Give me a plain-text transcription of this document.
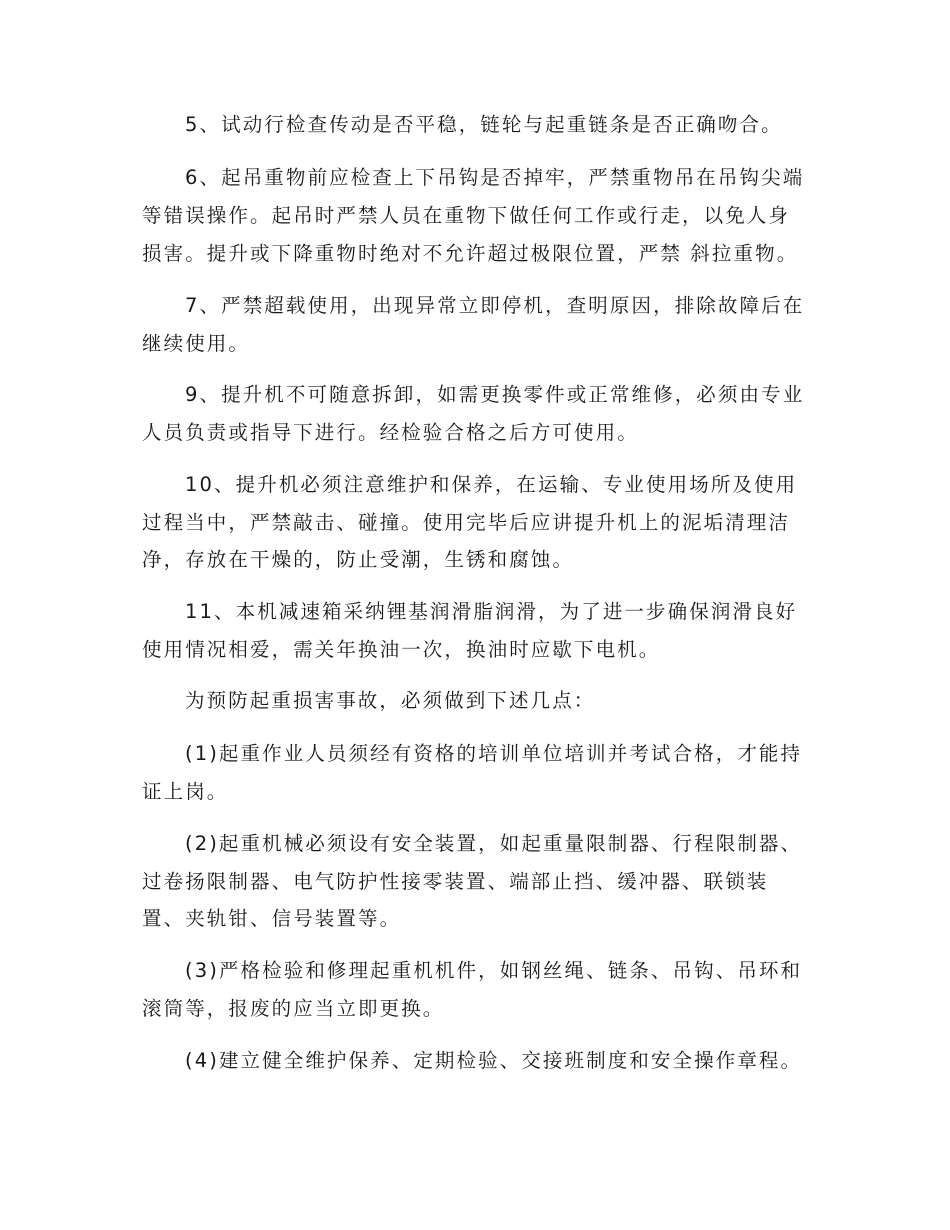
5、试动行检查传动是否平稳，链轮与起重链条是否正确吻合。
6、起吊重物前应检查上下吊钩是否掉牢，严禁重物吊在吊钩尖端
等错误操作。起吊时严禁人员在重物下做任何工作或行走，以免人身
损害。提升或下降重物时绝对不允许超过极限位置，严禁 斜拉重物。
7、严禁超载使用，出现异常立即停机，查明原因，排除故障后在
继续使用。
9、提升机不可随意拆卸，如需更换零件或正常维修，必须由专业
人员负责或指导下进行。经检验合格之后方可使用。
10、提升机必须注意维护和保养，在运输、专业使用场所及使用
过程当中，严禁敲击、碰撞。使用完毕后应讲提升机上的泥垢清理洁
净，存放在干燥的，防止受潮，生锈和腐蚀。
11、本机减速箱采纳锂基润滑脂润滑，为了进一步确保润滑良好
使用情况相爱，需关年换油一次，换油时应歇下电机。
为预防起重损害事故，必须做到下述几点：
(1)起重作业人员须经有资格的培训单位培训并考试合格，才能持
证上岗。
(2)起重机械必须设有安全装置，如起重量限制器、行程限制器、
过卷扬限制器、电气防护性接零装置、端部止挡、缓冲器、联锁装
置、夹轨钳、信号装置等。
(3)严格检验和修理起重机机件，如钢丝绳、链条、吊钩、吊环和
滚筒等，报废的应当立即更换。
(4)建立健全维护保养、定期检验、交接班制度和安全操作章程。
